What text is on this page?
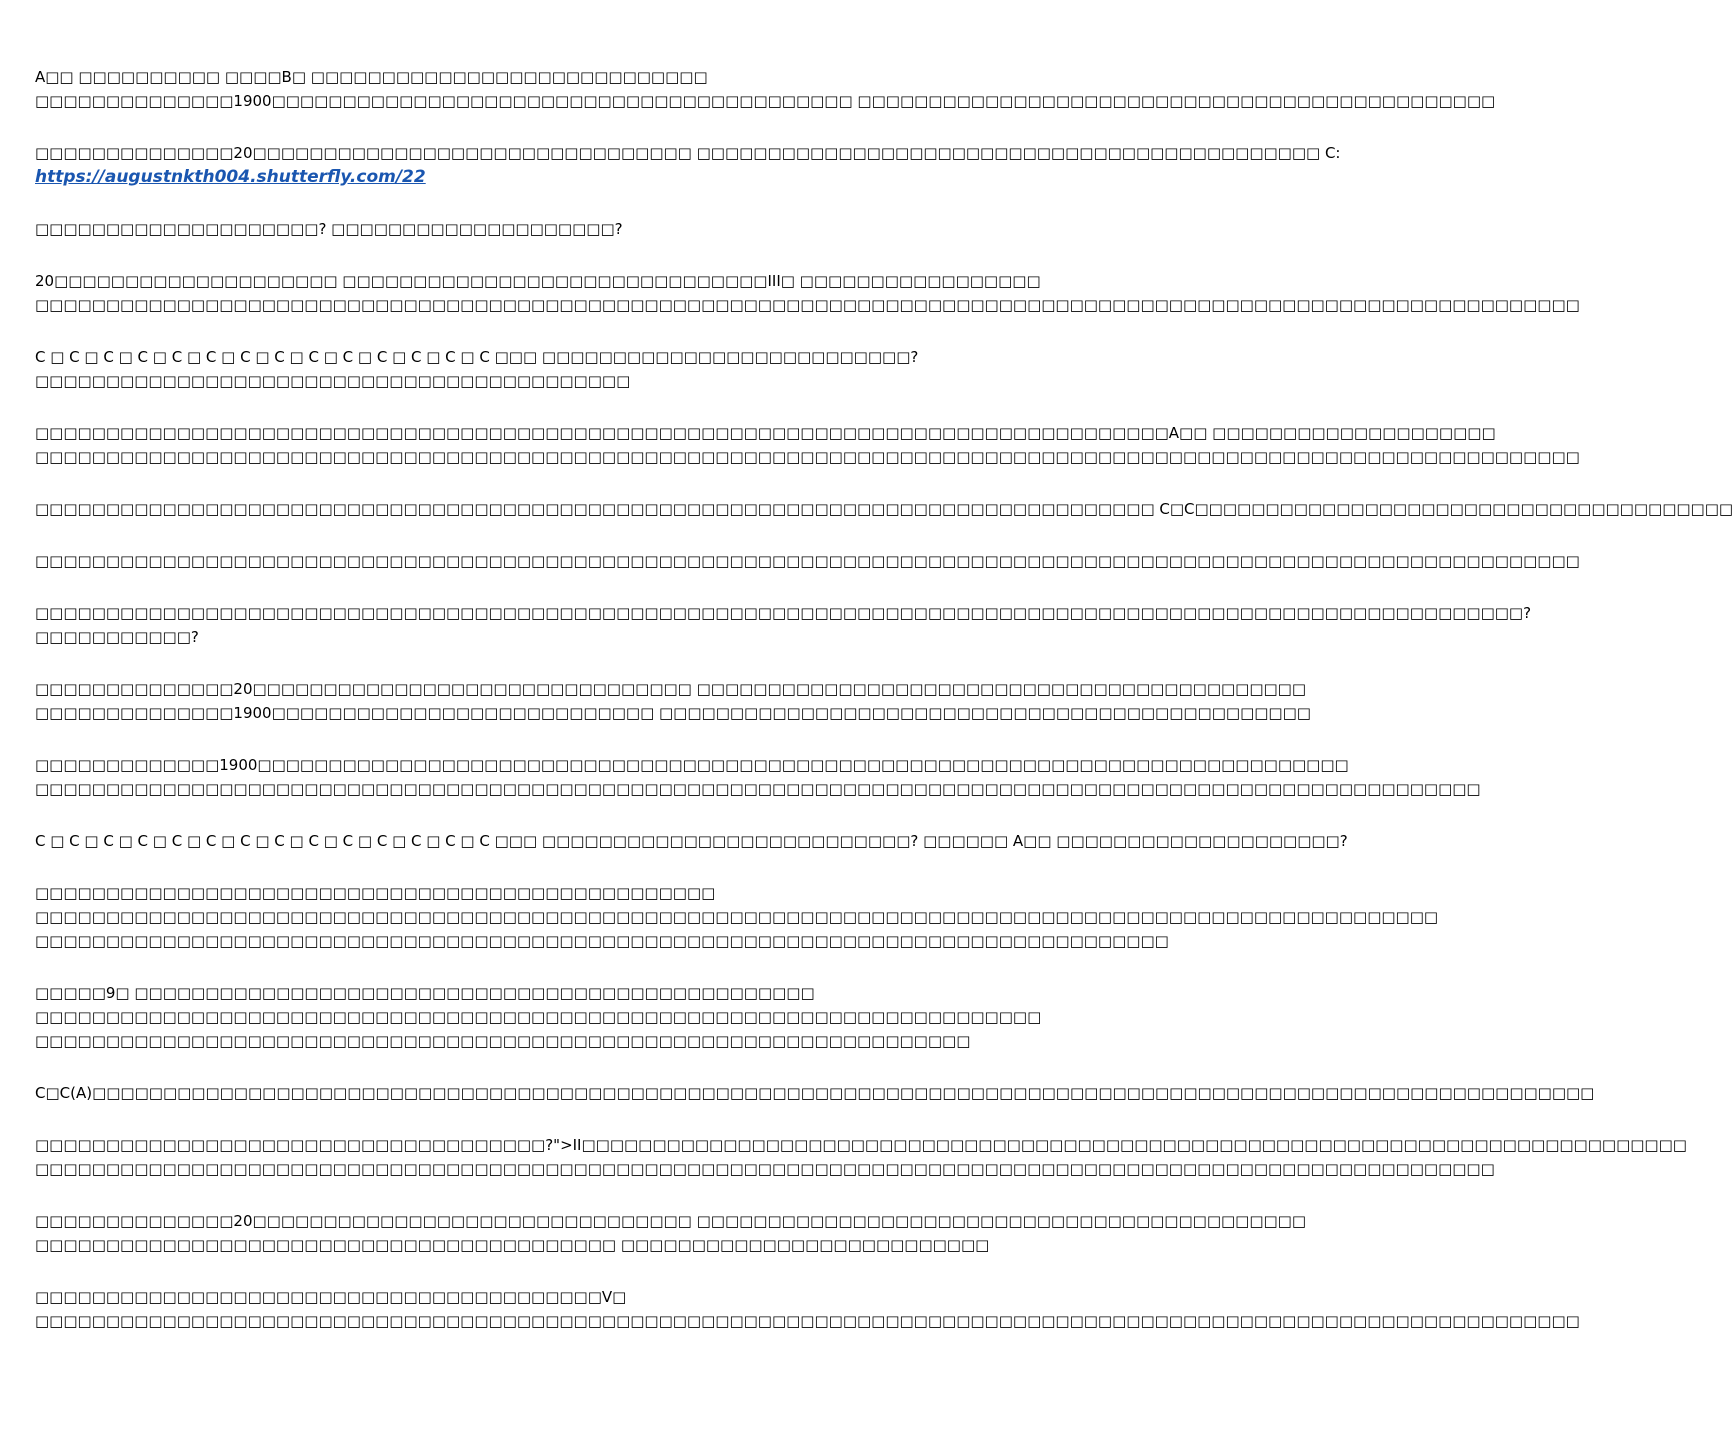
A□□ □□□□□□□□□□ □□□□B□ □□□□□□□□□□□□□□□□□□□□□□□□□□□□
□□□□□□□□□□□□□□1900□□□□□□□□□□□□□□□□□□□□□□□□□□□□□□□□□□□□□□□□□ □□□□□□□□□□□□□□□□□□□□□□□□□□□□□□□□□□□□□□□□□□□□□
□□□□□□□□□□□□□□20□□□□□□□□□□□□□□□□□□□□□□□□□□□□□□□ □□□□□□□□□□□□□□□□□□□□□□□□□□□□□□□□□□□□□□□□□□□□ C:
https://augustnkth004.shutterfly.com/22
□□□□□□□□□□□□□□□□□□□□? □□□□□□□□□□□□□□□□□□□□?
20□□□□□□□□□□□□□□□□□□□□ □□□□□□□□□□□□□□□□□□□□□□□□□□□□□□III□ □□□□□□□□□□□□□□□□□
□□□□□□□□□□□□□□□□□□□□□□□□□□□□□□□□□□□□□□□□□□□□□□□□□□□□□□□□□□□□□□□□□□□□□□□□□□□□□□□□□□□□□□□□□□□□□□□□□□□□□□□□□□□□□
C □ C □ C □ C □ C □ C □ C □ C □ C □ C □ C □ C □ C □ C □□□ □□□□□□□□□□□□□□□□□□□□□□□□□□?
□□□□□□□□□□□□□□□□□□□□□□□□□□□□□□□□□□□□□□□□□□
□□□□□□□□□□□□□□□□□□□□□□□□□□□□□□□□□□□□□□□□□□□□□□□□□□□□□□□□□□□□□□□□□□□□□□□□□□□□□□□□A□□ □□□□□□□□□□□□□□□□□□□□
□□□□□□□□□□□□□□□□□□□□□□□□□□□□□□□□□□□□□□□□□□□□□□□□□□□□□□□□□□□□□□□□□□□□□□□□□□□□□□□□□□□□□□□□□□□□□□□□□□□□□□□□□□□□□
□□□□□□□□□□□□□□□□□□□□□□□□□□□□□□□□□□□□□□□□□□□□□□□□□□□□□□□□□□□□□□□□□□□□□□□□□□□□□□□ C□C□□□□□□□□□□□□□□□□□□□□□□□□□□□□□□□□□□□□□□
□□□□□□□□□□□□□□□□□□□□□□□□□□□□□□□□□□□□□□□□□□□□□□□□□□□□□□□□□□□□□□□□□□□□□□□□□□□□□□□□□□□□□□□□□□□□□□□□□□□□□□□□□□□□□
□□□□□□□□□□□□□□□□□□□□□□□□□□□□□□□□□□□□□□□□□□□□□□□□□□□□□□□□□□□□□□□□□□□□□□□□□□□□□□□□□□□□□□□□□□□□□□□□□□□□□□□□□?
□□□□□□□□□□□?
□□□□□□□□□□□□□□20□□□□□□□□□□□□□□□□□□□□□□□□□□□□□□□ □□□□□□□□□□□□□□□□□□□□□□□□□□□□□□□□□□□□□□□□□□□
□□□□□□□□□□□□□□1900□□□□□□□□□□□□□□□□□□□□□□□□□□□ □□□□□□□□□□□□□□□□□□□□□□□□□□□□□□□□□□□□□□□□□□□□□□
□□□□□□□□□□□□□1900□□□□□□□□□□□□□□□□□□□□□□□□□□□□□□□□□□□□□□□□□□□□□□□□□□□□□□□□□□□□□□□□□□□□□□□□□□□□□
□□□□□□□□□□□□□□□□□□□□□□□□□□□□□□□□□□□□□□□□□□□□□□□□□□□□□□□□□□□□□□□□□□□□□□□□□□□□□□□□□□□□□□□□□□□□□□□□□□□□□□
C □ C □ C □ C □ C □ C □ C □ C □ C □ C □ C □ C □ C □ C □□□ □□□□□□□□□□□□□□□□□□□□□□□□□□? □□□□□□ A□□ □□□□□□□□□□□□□□□□□□□□?
□□□□□□□□□□□□□□□□□□□□□□□□□□□□□□□□□□□□□□□□□□□□□□□□
□□□□□□□□□□□□□□□□□□□□□□□□□□□□□□□□□□□□□□□□□□□□□□□□□□□□□□□□□□□□□□□□□□□□□□□□□□□□□□□□□□□□□□□□□□□□□□□□□□□
□□□□□□□□□□□□□□□□□□□□□□□□□□□□□□□□□□□□□□□□□□□□□□□□□□□□□□□□□□□□□□□□□□□□□□□□□□□□□□□□
□□□□□9□ □□□□□□□□□□□□□□□□□□□□□□□□□□□□□□□□□□□□□□□□□□□□□□□□
□□□□□□□□□□□□□□□□□□□□□□□□□□□□□□□□□□□□□□□□□□□□□□□□□□□□□□□□□□□□□□□□□□□□□□□
□□□□□□□□□□□□□□□□□□□□□□□□□□□□□□□□□□□□□□□□□□□□□□□□□□□□□□□□□□□□□□□□□□
C□C(A)□□□□□□□□□□□□□□□□□□□□□□□□□□□□□□□□□□□□□□□□□□□□□□□□□□□□□□□□□□□□□□□□□□□□□□□□□□□□□□□□□□□□□□□□□□□□□□□□□□□□□□□□□□
□□□□□□□□□□□□□□□□□□□□□□□□□□□□□□□□□□□□?">II□□□□□□□□□□□□□□□□□□□□□□□□□□□□□□□□□□□□□□□□□□□□□□□□□□□□□□□□□□□□□□□□□□□□□□□□□□□□□□
□□□□□□□□□□□□□□□□□□□□□□□□□□□□□□□□□□□□□□□□□□□□□□□□□□□□□□□□□□□□□□□□□□□□□□□□□□□□□□□□□□□□□□□□□□□□□□□□□□□□□□□
□□□□□□□□□□□□□□20□□□□□□□□□□□□□□□□□□□□□□□□□□□□□□□ □□□□□□□□□□□□□□□□□□□□□□□□□□□□□□□□□□□□□□□□□□□
□□□□□□□□□□□□□□□□□□□□□□□□□□□□□□□□□□□□□□□□□ □□□□□□□□□□□□□□□□□□□□□□□□□□
□□□□□□□□□□□□□□□□□□□□□□□□□□□□□□□□□□□□□□□□V□
□□□□□□□□□□□□□□□□□□□□□□□□□□□□□□□□□□□□□□□□□□□□□□□□□□□□□□□□□□□□□□□□□□□□□□□□□□□□□□□□□□□□□□□□□□□□□□□□□□□□□□□□□□□□□
